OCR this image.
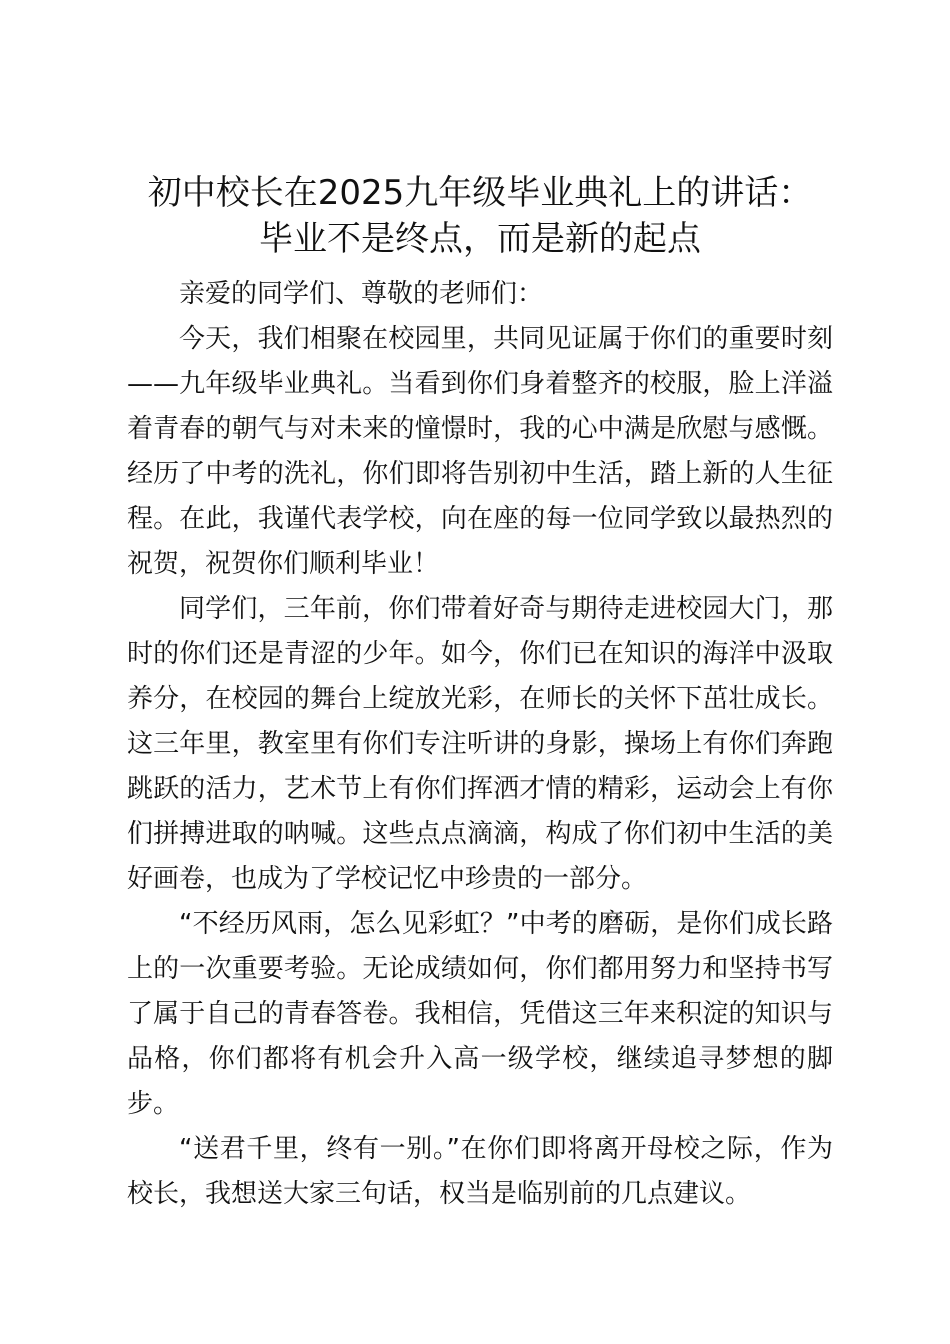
初中校长在2025九年级毕业典礼上的讲话：
毕业不是终点，而是新的起点

亲爱的同学们、尊敬的老师们：

今天，我们相聚在校园里，共同见证属于你们的重要时刻——九年级毕业典礼。当看到你们身着整齐的校服，脸上洋溢着青春的朝气与对未来的憧憬时，我的心中满是欣慰与感慨。经历了中考的洗礼，你们即将告别初中生活，踏上新的人生征程。在此，我谨代表学校，向在座的每一位同学致以最热烈的祝贺，祝贺你们顺利毕业！

同学们，三年前，你们带着好奇与期待走进校园大门，那时的你们还是青涩的少年。如今，你们已在知识的海洋中汲取养分，在校园的舞台上绽放光彩，在师长的关怀下茁壮成长。这三年里，教室里有你们专注听讲的身影，操场上有你们奔跑跳跃的活力，艺术节上有你们挥洒才情的精彩，运动会上有你们拼搏进取的呐喊。这些点点滴滴，构成了你们初中生活的美好画卷，也成为了学校记忆中珍贵的一部分。

“不经历风雨，怎么见彩虹？”中考的磨砺，是你们成长路上的一次重要考验。无论成绩如何，你们都用努力和坚持书写了属于自己的青春答卷。我相信，凭借这三年来积淀的知识与品格，你们都将有机会升入高一级学校，继续追寻梦想的脚步。

“送君千里，终有一别。”在你们即将离开母校之际，作为校长，我想送大家三句话，权当是临别前的几点建议。
